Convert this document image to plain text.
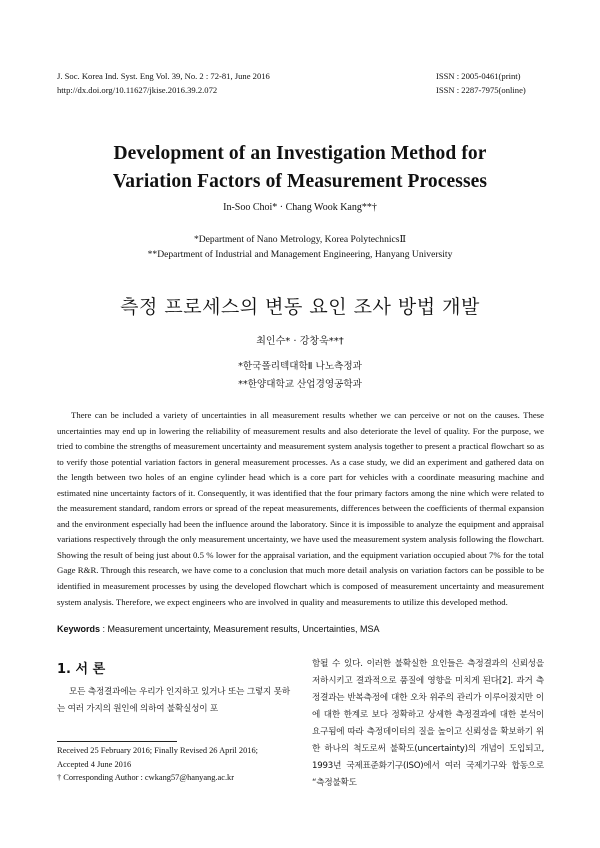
J. Soc. Korea Ind. Syst. Eng Vol. 39, No. 2 : 72-81, June 2016
http://dx.doi.org/10.11627/jkise.2016.39.2.072
ISSN : 2005-0461(print)
ISSN : 2287-7975(online)
Development of an Investigation Method for
Variation Factors of Measurement Processes
In-Soo Choi* · Chang Wook Kang**†
*Department of Nano Metrology, Korea PolytechnicsⅡ
**Department of Industrial and Management Engineering, Hanyang University
측정 프로세스의 변동 요인 조사 방법 개발
최인수* · 강창욱**†
*한국폴리텍대학Ⅱ 나노측정과
**한양대학교 산업경영공학과

There can be included a variety of uncertainties in all measurement results whether we can perceive or not on the causes. These uncertainties may end up in lowering the reliability of measurement results and also deteriorate the level of quality. For the purpose, we tried to combine the strengths of measurement uncertainty and measurement system analysis together to present a practical flowchart so as to verify those potential variation factors in general measurement processes. As a case study, we did an experiment and gathered data on the length between two holes of an engine cylinder head which is a core part for vehicles with a coordinate measuring machine and estimated nine uncertainty factors of it. Consequently, it was identified that the four primary factors among the nine which were related to the measurement standard, random errors or spread of the repeat measurements, differences between the coefficients of thermal expansion and the environment especially had been the influence around the laboratory. Since it is impossible to analyze the equipment and appraisal variations respectively through the only measurement uncertainty, we have used the measurement system analysis following the flowchart. Showing the result of being just about 0.5 % lower for the appraisal variation, and the equipment variation occupied about 7% for the total Gage R&R. Through this research, we have come to a conclusion that much more detail analysis on variation factors can be possible to be identified in measurement processes by using the developed flowchart which is composed of measurement uncertainty and measurement system analysis. Therefore, we expect engineers who are involved in quality and measurements to utilize this developed method.

Keywords : Measurement uncertainty, Measurement results, Uncertainties, MSA
1. 서 론

모든 측정결과에는 우리가 인지하고 있거나 또는 그렇지 못하는 여러 가지의 원인에 의하여 불확실성이 포

함될 수 있다. 이러한 불확실한 요인들은 측정결과의 신뢰성을 저하시키고 결과적으로 품질에 영향을 미치게 된다[2]. 과거 측정결과는 반복측정에 대한 오차 위주의 관리가 이루어졌지만 이에 대한 한계로 보다 정확하고 상세한 측정결과에 대한 분석이 요구됨에 따라 측정데이터의 질을 높이고 신뢰성을 확보하기 위한 하나의 척도로써 불확도(uncertainty)의 개념이 도입되고, 1993년 국제표준화기구(ISO)에서 여러 국제기구와 합동으로 “측정불확도

Received 25 February 2016; Finally Revised 26 April 2016;
Accepted 4 June 2016
† Corresponding Author : cwkang57@hanyang.ac.kr
